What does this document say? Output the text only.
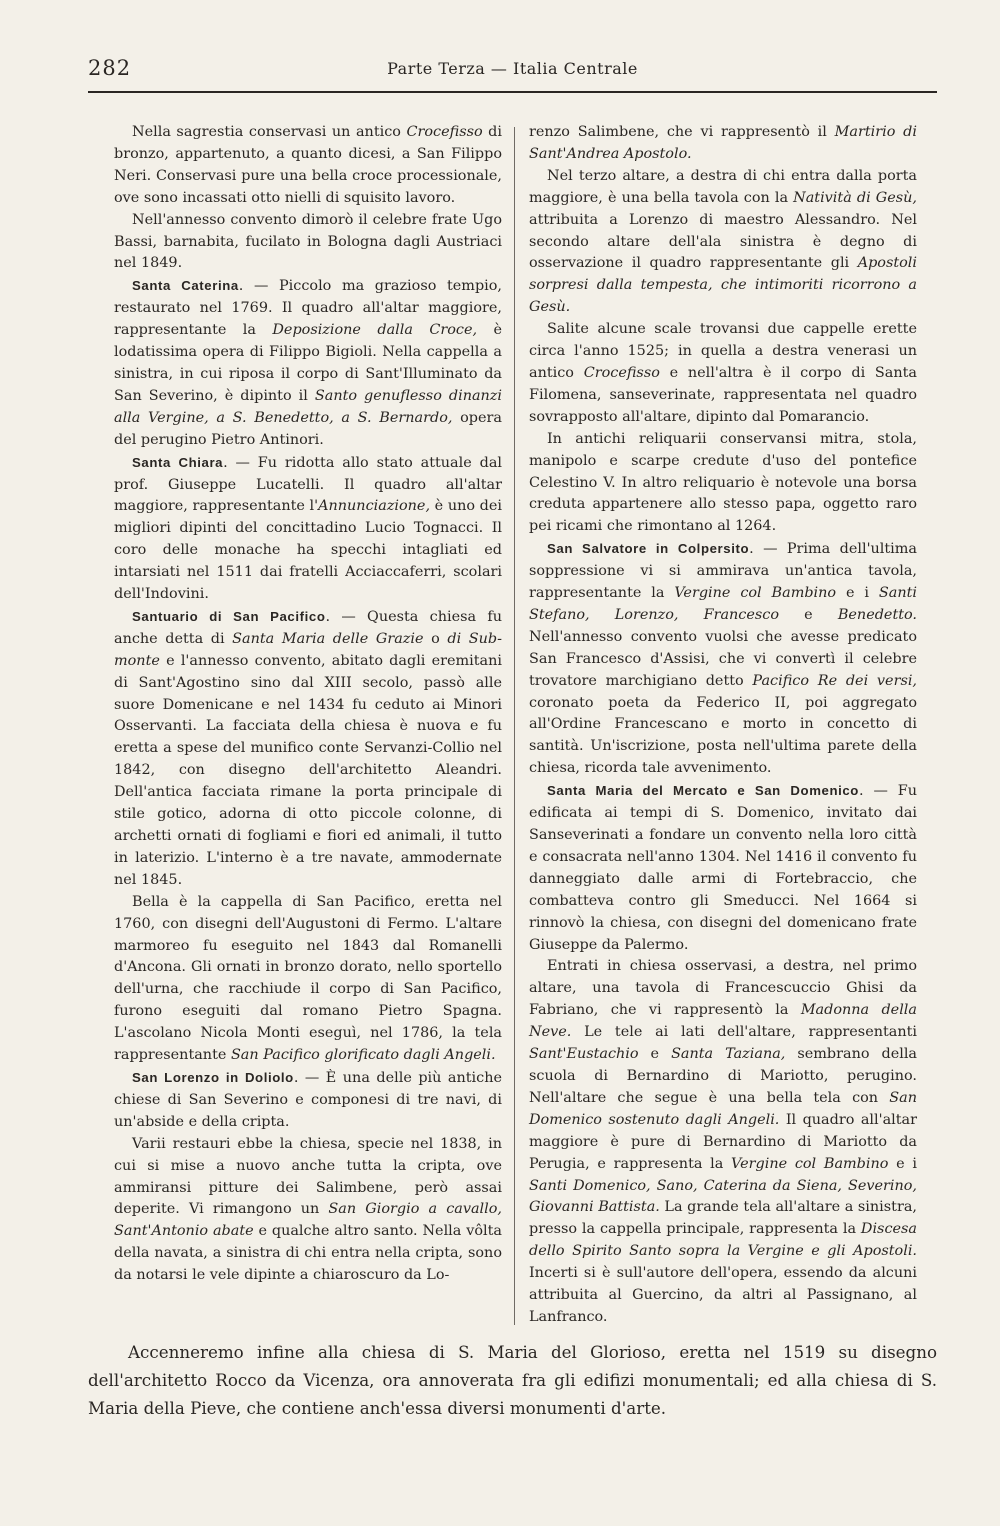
282	Parte Terza — Italia Centrale

Nella sagrestia conservasi un antico Crocefisso di bronzo, appartenuto, a quanto dicesi, a San Filippo Neri. Conservasi pure una bella croce processionale, ove sono incassati otto nielli di squisito lavoro.

Nell'annesso convento dimorò il celebre frate Ugo Bassi, barnabita, fucilato in Bologna dagli Austriaci nel 1849.

Santa Caterina. — Piccolo ma grazioso tempio, restaurato nel 1769. Il quadro all'altar maggiore, rappresentante la Deposizione dalla Croce, è lodatissima opera di Filippo Bigioli. Nella cappella a sinistra, in cui riposa il corpo di Sant'Illuminato da San Severino, è dipinto il Santo genuflesso dinanzi alla Vergine, a S. Benedetto, a S. Bernardo, opera del perugino Pietro Antinori.

Santa Chiara. — Fu ridotta allo stato attuale dal prof. Giuseppe Lucatelli. Il quadro all'altar maggiore, rappresentante l'Annunciazione, è uno dei migliori dipinti del concittadino Lucio Tognacci. Il coro delle monache ha specchi intagliati ed intarsiati nel 1511 dai fratelli Acciaccaferri, scolari dell'Indovini.

Santuario di San Pacifico. — Questa chiesa fu anche detta di Santa Maria delle Grazie o di Sub-monte e l'annesso convento, abitato dagli eremitani di Sant'Agostino sino dal XIII secolo, passò alle suore Domenicane e nel 1434 fu ceduto ai Minori Osservanti. La facciata della chiesa è nuova e fu eretta a spese del munifico conte Servanzi-Collio nel 1842, con disegno dell'architetto Aleandri. Dell'antica facciata rimane la porta principale di stile gotico, adorna di otto piccole colonne, di archetti ornati di fogliami e fiori ed animali, il tutto in laterizio. L'interno è a tre navate, ammodernate nel 1845.

Bella è la cappella di San Pacifico, eretta nel 1760, con disegni dell'Augustoni di Fermo. L'altare marmoreo fu eseguito nel 1843 dal Romanelli d'Ancona. Gli ornati in bronzo dorato, nello sportello dell'urna, che racchiude il corpo di San Pacifico, furono eseguiti dal romano Pietro Spagna. L'ascolano Nicola Monti eseguì, nel 1786, la tela rappresentante San Pacifico glorificato dagli Angeli.

San Lorenzo in Doliolo. — È una delle più antiche chiese di San Severino e componesi di tre navi, di un'abside e della cripta.

Varii restauri ebbe la chiesa, specie nel 1838, in cui si mise a nuovo anche tutta la cripta, ove ammiransi pitture dei Salimbene, però assai deperite. Vi rimangono un San Giorgio a cavallo, Sant'Antonio abate e qualche altro santo. Nella vôlta della navata, a sinistra di chi entra nella cripta, sono da notarsi le vele dipinte a chiaroscuro da Lo-

renzo Salimbene, che vi rappresentò il Martirio di Sant'Andrea Apostolo.

Nel terzo altare, a destra di chi entra dalla porta maggiore, è una bella tavola con la Natività di Gesù, attribuita a Lorenzo di maestro Alessandro. Nel secondo altare dell'ala sinistra è degno di osservazione il quadro rappresentante gli Apostoli sorpresi dalla tempesta, che intimoriti ricorrono a Gesù.

Salite alcune scale trovansi due cappelle erette circa l'anno 1525; in quella a destra venerasi un antico Crocefisso e nell'altra è il corpo di Santa Filomena, sanseverinate, rappresentata nel quadro sovrapposto all'altare, dipinto dal Pomarancio.

In antichi reliquarii conservansi mitra, stola, manipolo e scarpe credute d'uso del pontefice Celestino V. In altro reliquario è notevole una borsa creduta appartenere allo stesso papa, oggetto raro pei ricami che rimontano al 1264.

San Salvatore in Colpersito. — Prima dell'ultima soppressione vi si ammirava un'antica tavola, rappresentante la Vergine col Bambino e i Santi Stefano, Lorenzo, Francesco e Benedetto. Nell'annesso convento vuolsi che avesse predicato San Francesco d'Assisi, che vi convertì il celebre trovatore marchigiano detto Pacifico Re dei versi, coronato poeta da Federico II, poi aggregato all'Ordine Francescano e morto in concetto di santità. Un'iscrizione, posta nell'ultima parete della chiesa, ricorda tale avvenimento.

Santa Maria del Mercato e San Domenico. — Fu edificata ai tempi di S. Domenico, invitato dai Sanseverinati a fondare un convento nella loro città e consacrata nell'anno 1304. Nel 1416 il convento fu danneggiato dalle armi di Fortebraccio, che combatteva contro gli Smeducci. Nel 1664 si rinnovò la chiesa, con disegni del domenicano frate Giuseppe da Palermo.

Entrati in chiesa osservasi, a destra, nel primo altare, una tavola di Francescuccio Ghisi da Fabriano, che vi rappresentò la Madonna della Neve. Le tele ai lati dell'altare, rappresentanti Sant'Eustachio e Santa Taziana, sembrano della scuola di Bernardino di Mariotto, perugino. Nell'altare che segue è una bella tela con San Domenico sostenuto dagli Angeli. Il quadro all'altar maggiore è pure di Bernardino di Mariotto da Perugia, e rappresenta la Vergine col Bambino e i Santi Domenico, Sano, Caterina da Siena, Severino, Giovanni Battista. La grande tela all'altare a sinistra, presso la cappella principale, rappresenta la Discesa dello Spirito Santo sopra la Vergine e gli Apostoli. Incerti si è sull'autore dell'opera, essendo da alcuni attribuita al Guercino, da altri al Passignano, al Lanfranco.

Accenneremo infine alla chiesa di S. Maria del Glorioso, eretta nel 1519 su disegno dell'architetto Rocco da Vicenza, ora annoverata fra gli edifizi monumentali; ed alla chiesa di S. Maria della Pieve, che contiene anch'essa diversi monumenti d'arte.
